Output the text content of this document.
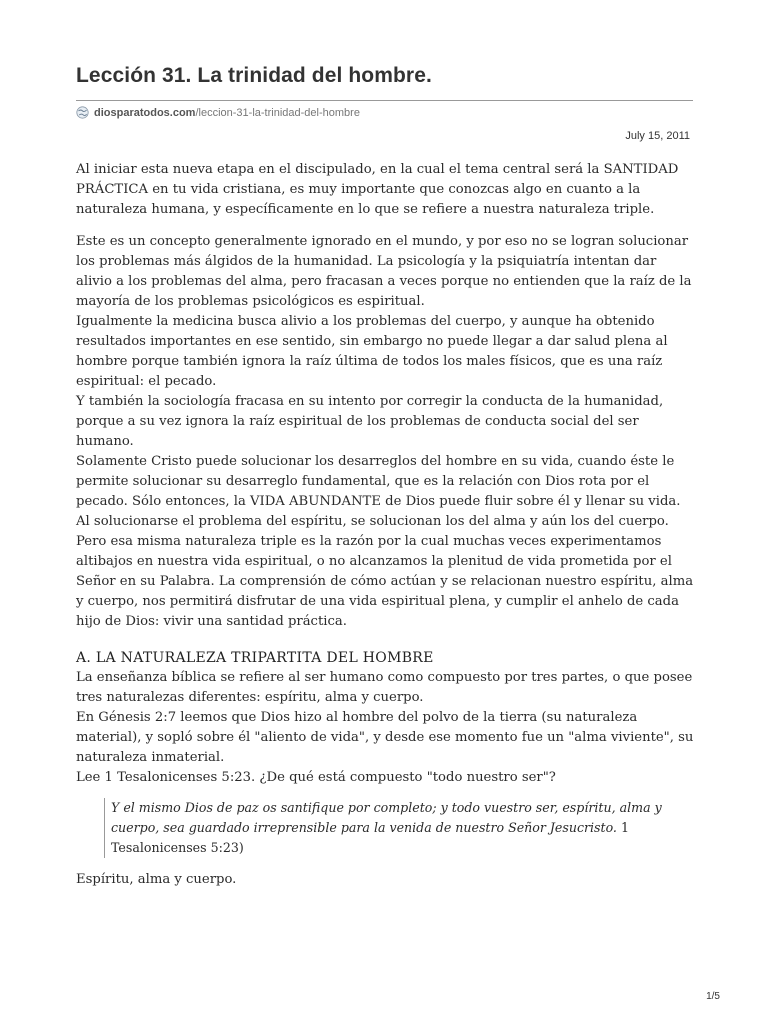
Lección 31. La trinidad del hombre.
diosparatodos.com /leccion-31-la-trinidad-del-hombre
July 15, 2011

Al iniciar esta nueva etapa en el discipulado, en la cual el tema central será la SANTIDAD PRÁCTICA en tu vida cristiana, es muy importante que conozcas algo en cuanto a la naturaleza humana, y específicamente en lo que se refiere a nuestra naturaleza triple.

Este es un concepto generalmente ignorado en el mundo, y por eso no se logran solucionar los problemas más álgidos de la humanidad. La psicología y la psiquiatría intentan dar alivio a los problemas del alma, pero fracasan a veces porque no entienden que la raíz de la mayoría de los problemas psicológicos es espiritual.

Igualmente la medicina busca alivio a los problemas del cuerpo, y aunque ha obtenido resultados importantes en ese sentido, sin embargo no puede llegar a dar salud plena al hombre porque también ignora la raíz última de todos los males físicos, que es una raíz espiritual: el pecado.

Y también la sociología fracasa en su intento por corregir la conducta de la humanidad, porque a su vez ignora la raíz espiritual de los problemas de conducta social del ser humano.

Solamente Cristo puede solucionar los desarreglos del hombre en su vida, cuando éste le permite solucionar su desarreglo fundamental, que es la relación con Dios rota por el pecado. Sólo entonces, la VIDA ABUNDANTE de Dios puede fluir sobre él y llenar su vida. Al solucionarse el problema del espíritu, se solucionan los del alma y aún los del cuerpo.

Pero esa misma naturaleza triple es la razón por la cual muchas veces experimentamos altibajos en nuestra vida espiritual, o no alcanzamos la plenitud de vida prometida por el Señor en su Palabra. La comprensión de cómo actúan y se relacionan nuestro espíritu, alma y cuerpo, nos permitirá disfrutar de una vida espiritual plena, y cumplir el anhelo de cada hijo de Dios: vivir una santidad práctica.

A. LA NATURALEZA TRIPARTITA DEL HOMBRE

La enseñanza bíblica se refiere al ser humano como compuesto por tres partes, o que posee tres naturalezas diferentes: espíritu, alma y cuerpo.

En Génesis 2:7 leemos que Dios hizo al hombre del polvo de la tierra (su naturaleza material), y sopló sobre él "aliento de vida", y desde ese momento fue un "alma viviente", su naturaleza inmaterial.

Lee 1 Tesalonicenses 5:23. ¿De qué está compuesto "todo nuestro ser"?

Y el mismo Dios de paz os santifique por completo; y todo vuestro ser, espíritu, alma y cuerpo, sea guardado irreprensible para la venida de nuestro Señor Jesucristo. 1 Tesalonicenses 5:23)

Espíritu, alma y cuerpo.

1/5
